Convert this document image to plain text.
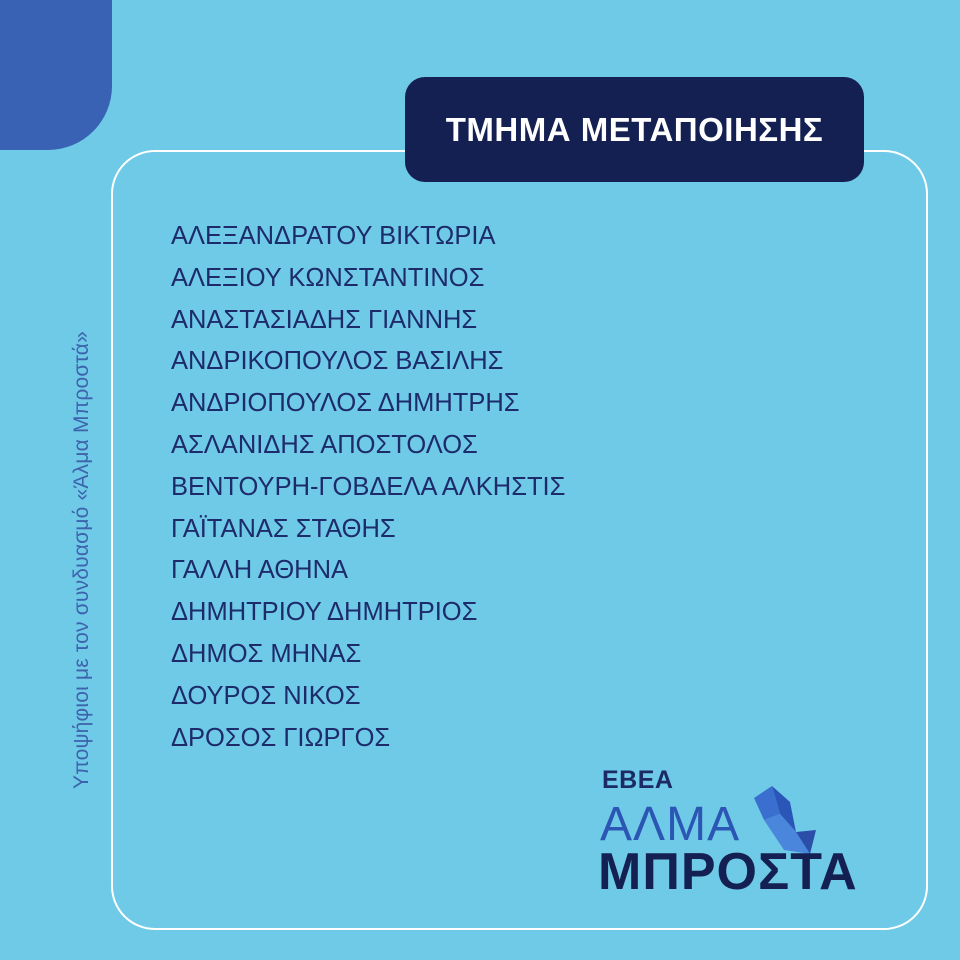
Υποψήφιοι με τον συνδυασμό «Άλμα Μπροστά»
ΤΜΗΜΑ ΜΕΤΑΠΟΙΗΣΗΣ
ΑΛΕΞΑΝΔΡΑΤΟΥ ΒΙΚΤΩΡΙΑ
ΑΛΕΞΙΟΥ ΚΩΝΣΤΑΝΤΙΝΟΣ
ΑΝΑΣΤΑΣΙΑΔΗΣ ΓΙΑΝΝΗΣ
ΑΝΔΡΙΚΟΠΟΥΛΟΣ ΒΑΣΙΛΗΣ
ΑΝΔΡΙΟΠΟΥΛΟΣ ΔΗΜΗΤΡΗΣ
ΑΣΛΑΝΙΔΗΣ ΑΠΟΣΤΟΛΟΣ
ΒΕΝΤΟΥΡΗ-ΓΟΒΔΕΛΑ ΑΛΚΗΣΤΙΣ
ΓΑΪΤΑΝΑΣ ΣΤΑΘΗΣ
ΓΑΛΛΗ ΑΘΗΝΑ
ΔΗΜΗΤΡΙΟΥ ΔΗΜΗΤΡΙΟΣ
ΔΗΜΟΣ ΜΗΝΑΣ
ΔΟΥΡΟΣ ΝΙΚΟΣ
ΔΡΟΣΟΣ ΓΙΩΡΓΟΣ
ΕΒΕΑ
ΑΛΜΑ
ΜΠΡΟΣΤΑ
